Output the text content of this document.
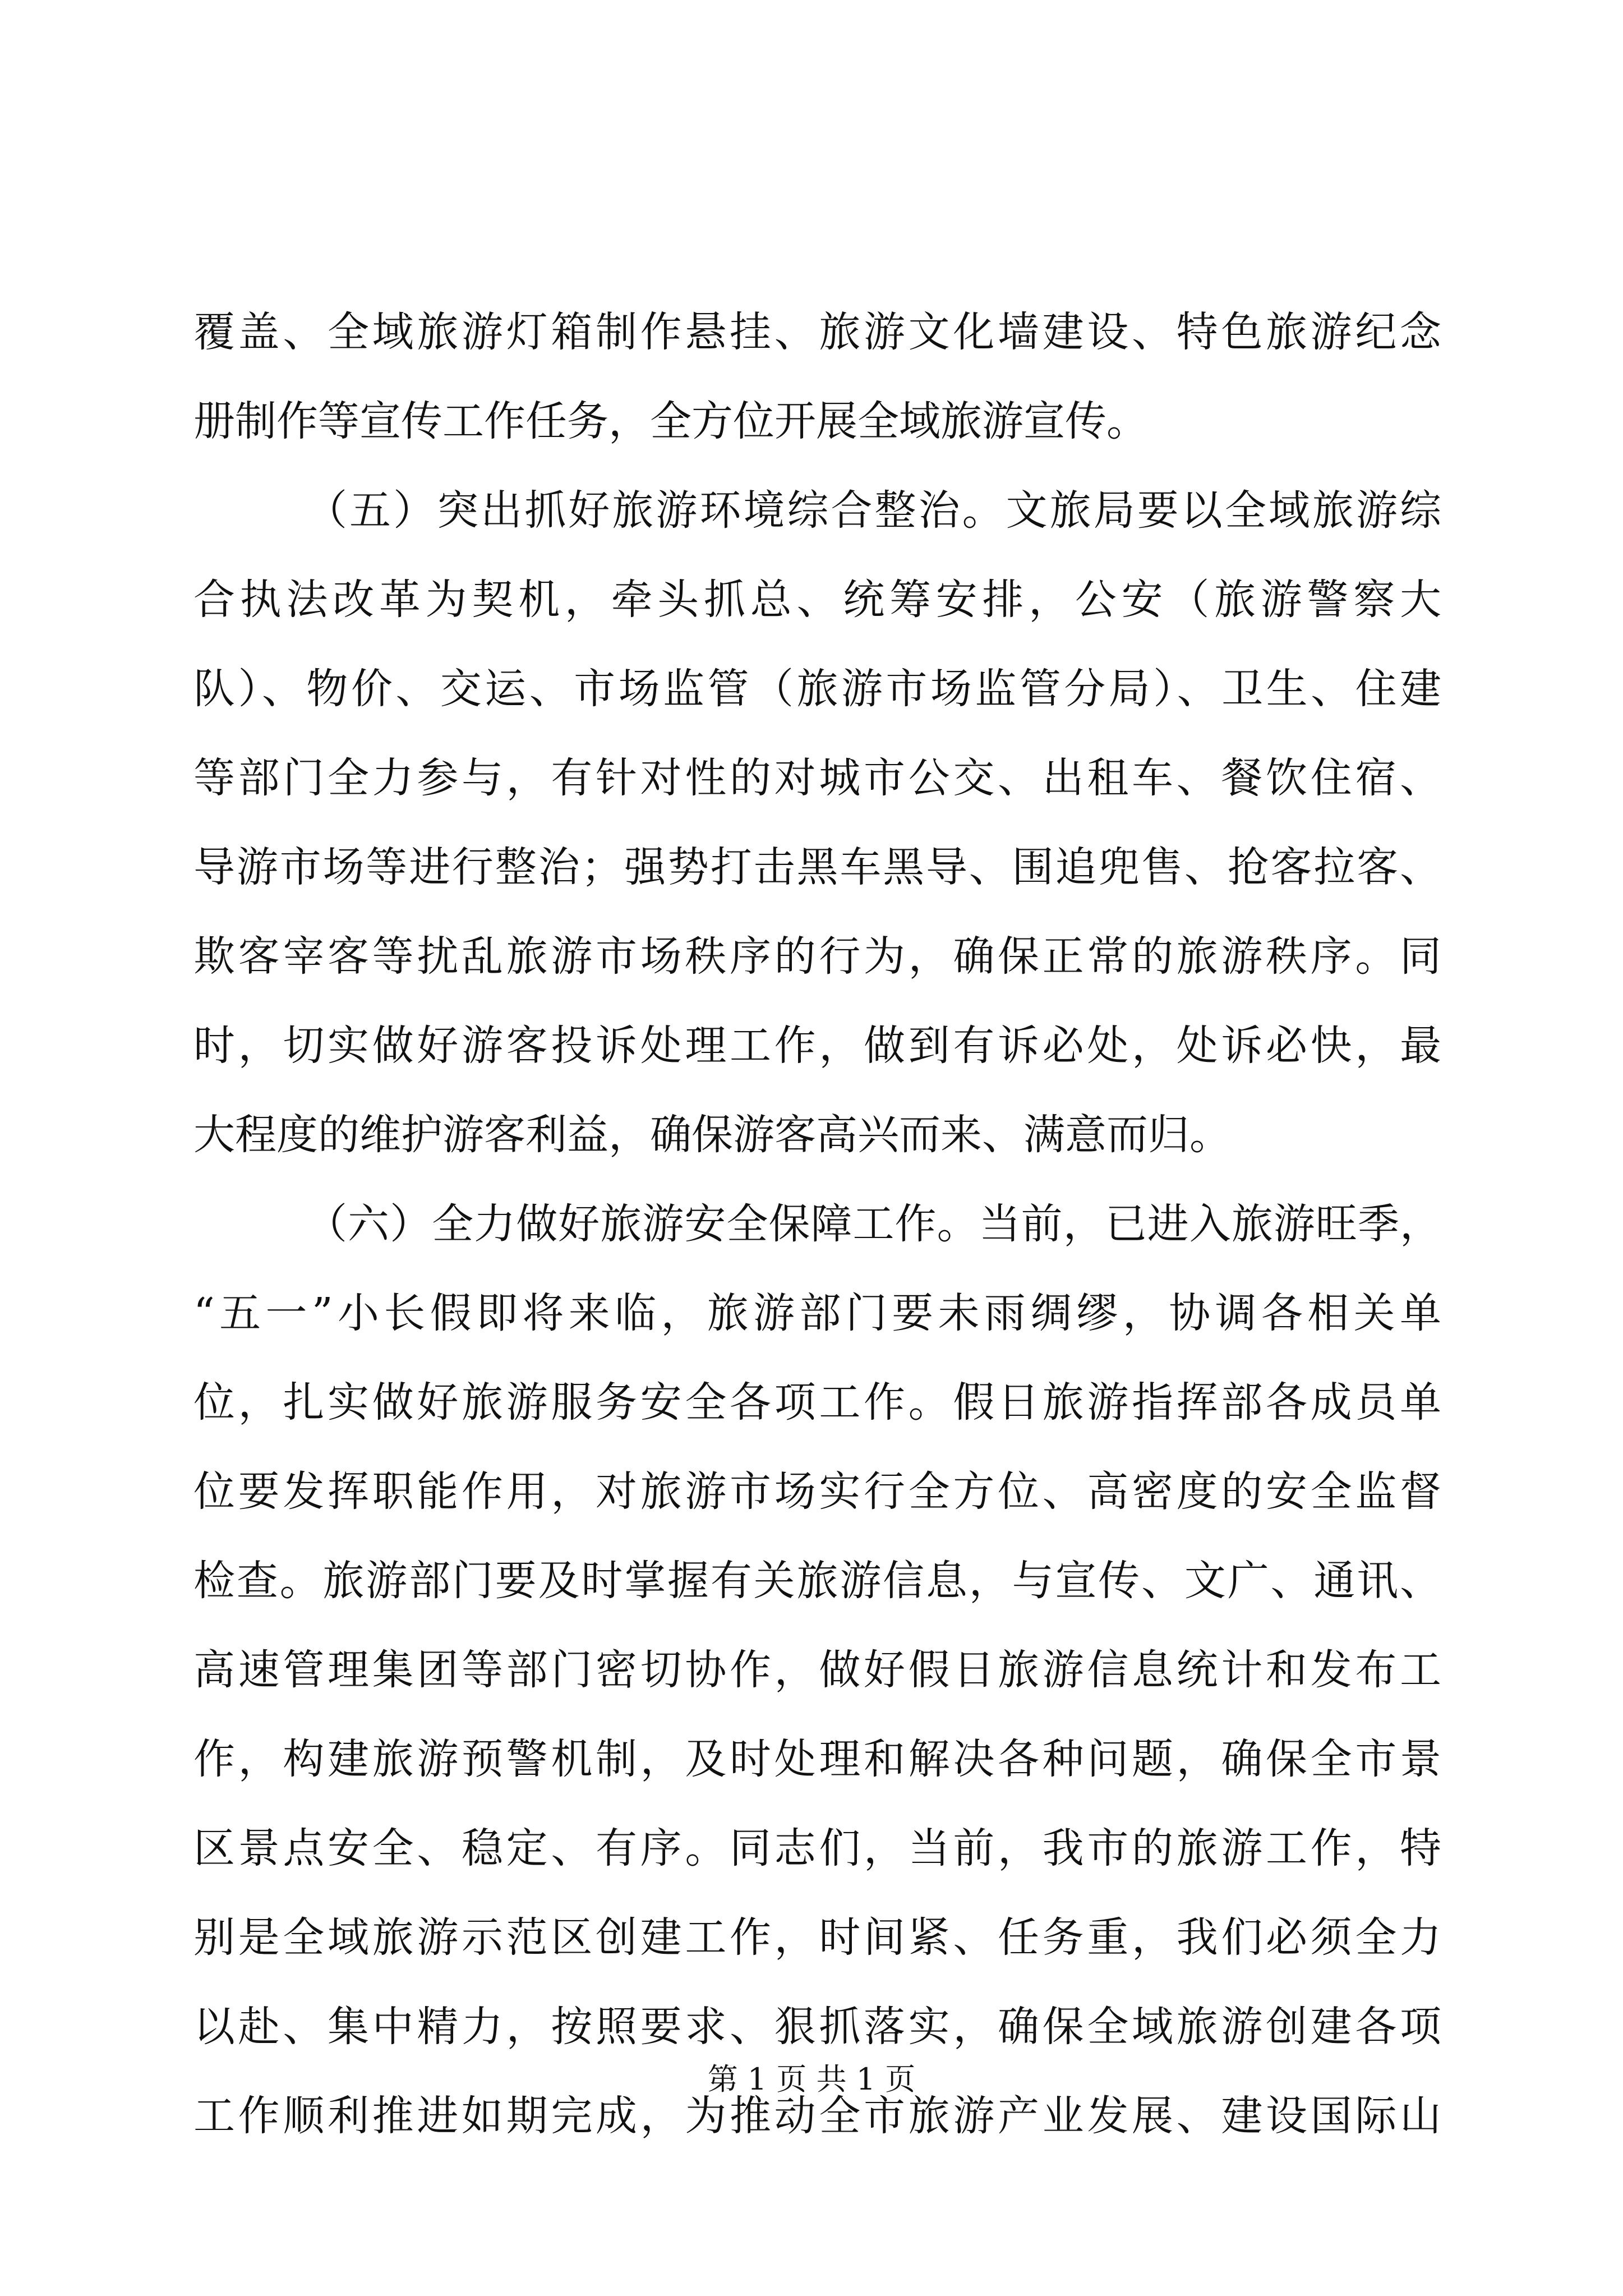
覆盖、全域旅游灯箱制作悬挂、旅游文化墙建设、特色旅游纪念
册制作等宣传工作任务，全方位开展全域旅游宣传。
（五）突出抓好旅游环境综合整治。文旅局要以全域旅游综
合执法改革为契机，牵头抓总、统筹安排，公安（旅游警察大
队）、物价、交运、市场监管（旅游市场监管分局）、卫生、住建
等部门全力参与，有针对性的对城市公交、出租车、餐饮住宿、
导游市场等进行整治；强势打击黑车黑导、围追兜售、抢客拉客、
欺客宰客等扰乱旅游市场秩序的行为，确保正常的旅游秩序。同
时，切实做好游客投诉处理工作，做到有诉必处，处诉必快，最
大程度的维护游客利益，确保游客高兴而来、满意而归。
（六）全力做好旅游安全保障工作。当前，已进入旅游旺季，
“五一”小长假即将来临，旅游部门要未雨绸缪，协调各相关单
位，扎实做好旅游服务安全各项工作。假日旅游指挥部各成员单
位要发挥职能作用，对旅游市场实行全方位、高密度的安全监督
检查。旅游部门要及时掌握有关旅游信息，与宣传、文广、通讯、
高速管理集团等部门密切协作，做好假日旅游信息统计和发布工
作，构建旅游预警机制，及时处理和解决各种问题，确保全市景
区景点安全、稳定、有序。同志们，当前，我市的旅游工作，特
别是全域旅游示范区创建工作，时间紧、任务重，我们必须全力
以赴、集中精力，按照要求、狠抓落实，确保全域旅游创建各项
工作顺利推进如期完成，为推动全市旅游产业发展、建设国际山
第 1 页 共 1 页
